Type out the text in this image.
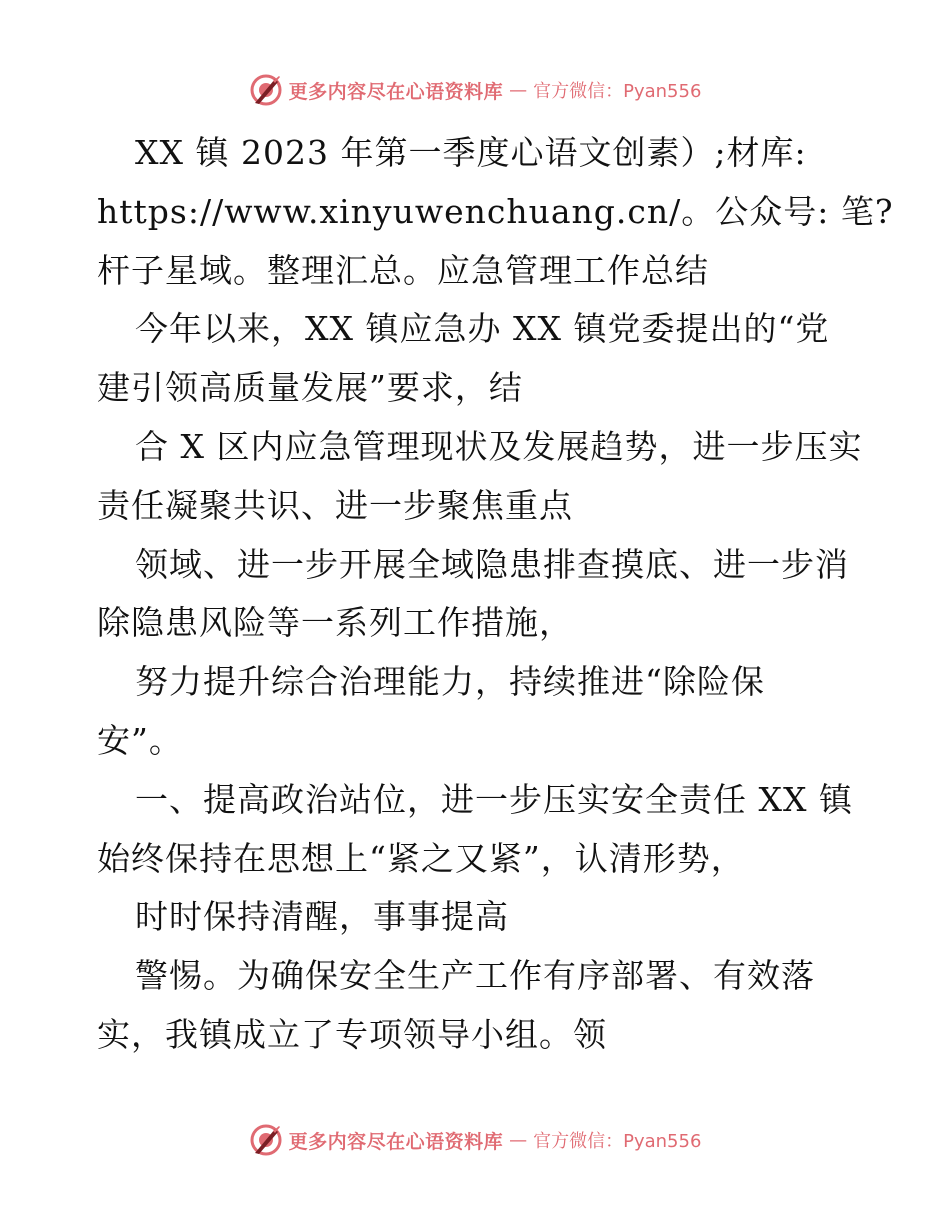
更多内容尽在心语资料库 — 官方微信：Pyan556
XX 镇 2023 年第一季度心语文创素）;材库:
https://www.xinyuwenchuang.cn/。公众号: 笔?
杆子星域。整理汇总。应急管理工作总结
今年以来，XX 镇应急办 XX 镇党委提出的“党
建引领高质量发展”要求，结
合 X 区内应急管理现状及发展趋势，进一步压实
责任凝聚共识、进一步聚焦重点
领域、进一步开展全域隐患排查摸底、进一步消
除隐患风险等一系列工作措施，
努力提升综合治理能力，持续推进“除险保
安”。
一、提高政治站位，进一步压实安全责任 XX 镇
始终保持在思想上“紧之又紧”，认清形势，
时时保持清醒，事事提高
警惕。为确保安全生产工作有序部署、有效落
实，我镇成立了专项领导小组。领
更多内容尽在心语资料库 — 官方微信：Pyan556
